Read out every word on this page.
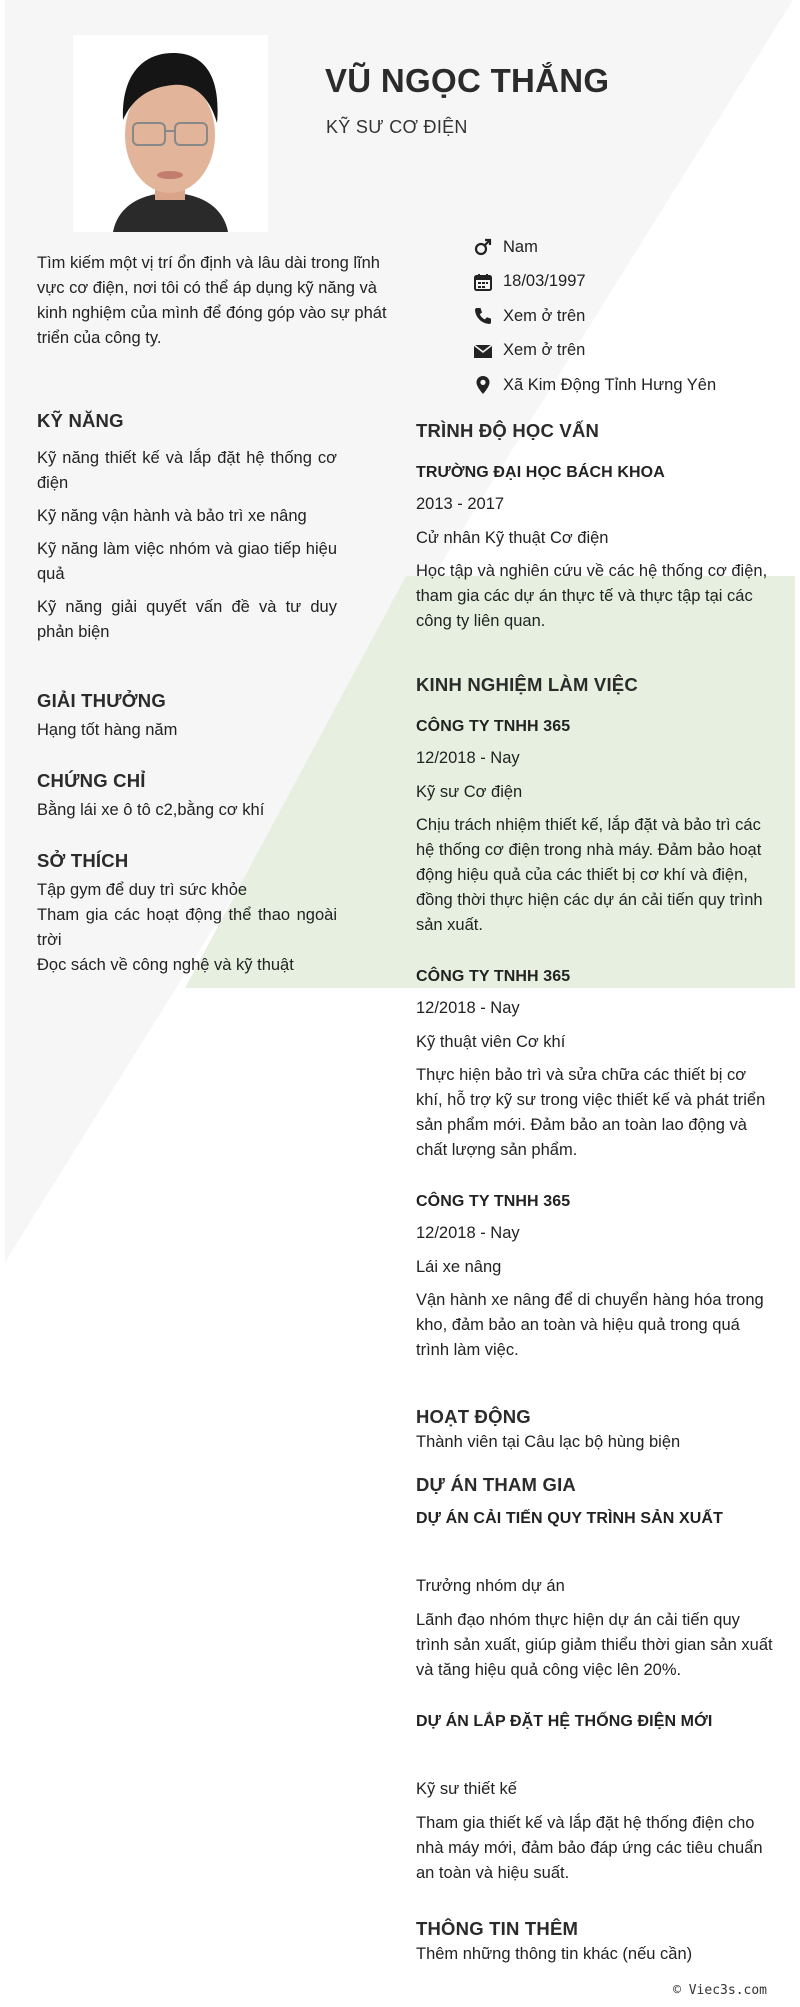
VŨ NGỌC THẮNG
KỸ SƯ CƠ ĐIỆN
Tìm kiếm một vị trí ổn định và lâu dài trong lĩnh vực cơ điện, nơi tôi có thể áp dụng kỹ năng và kinh nghiệm của mình để đóng góp vào sự phát triển của công ty.
Nam
18/03/1997
Xem ở trên
Xem ở trên
Xã Kim Động Tỉnh Hưng Yên
KỸ NĂNG
Kỹ năng thiết kế và lắp đặt hệ thống cơ điện
Kỹ năng vận hành và bảo trì xe nâng
Kỹ năng làm việc nhóm và giao tiếp hiệu quả
Kỹ năng giải quyết vấn đề và tư duy phản biện
GIẢI THƯỞNG
Hạng tốt hàng năm
CHỨNG CHỈ
Bằng lái xe ô tô c2,bằng cơ khí
SỞ THÍCH
Tập gym để duy trì sức khỏe
Tham gia các hoạt động thể thao ngoài trời
Đọc sách về công nghệ và kỹ thuật
TRÌNH ĐỘ HỌC VẤN
TRƯỜNG ĐẠI HỌC BÁCH KHOA
2013 - 2017
Cử nhân Kỹ thuật Cơ điện
Học tập và nghiên cứu về các hệ thống cơ điện, tham gia các dự án thực tế và thực tập tại các công ty liên quan.
KINH NGHIỆM LÀM VIỆC
CÔNG TY TNHH 365
12/2018 - Nay
Kỹ sư Cơ điện
Chịu trách nhiệm thiết kế, lắp đặt và bảo trì các hệ thống cơ điện trong nhà máy. Đảm bảo hoạt động hiệu quả của các thiết bị cơ khí và điện, đồng thời thực hiện các dự án cải tiến quy trình sản xuất.
CÔNG TY TNHH 365
12/2018 - Nay
Kỹ thuật viên Cơ khí
Thực hiện bảo trì và sửa chữa các thiết bị cơ khí, hỗ trợ kỹ sư trong việc thiết kế và phát triển sản phẩm mới. Đảm bảo an toàn lao động và chất lượng sản phẩm.
CÔNG TY TNHH 365
12/2018 - Nay
Lái xe nâng
Vận hành xe nâng để di chuyển hàng hóa trong kho, đảm bảo an toàn và hiệu quả trong quá trình làm việc.
HOẠT ĐỘNG
Thành viên tại Câu lạc bộ hùng biện
DỰ ÁN THAM GIA
DỰ ÁN CẢI TIẾN QUY TRÌNH SẢN XUẤT
Trưởng nhóm dự án
Lãnh đạo nhóm thực hiện dự án cải tiến quy trình sản xuất, giúp giảm thiểu thời gian sản xuất và tăng hiệu quả công việc lên 20%.
DỰ ÁN LẮP ĐẶT HỆ THỐNG ĐIỆN MỚI
Kỹ sư thiết kế
Tham gia thiết kế và lắp đặt hệ thống điện cho nhà máy mới, đảm bảo đáp ứng các tiêu chuẩn an toàn và hiệu suất.
THÔNG TIN THÊM
Thêm những thông tin khác (nếu cần)
© Viec3s.com
